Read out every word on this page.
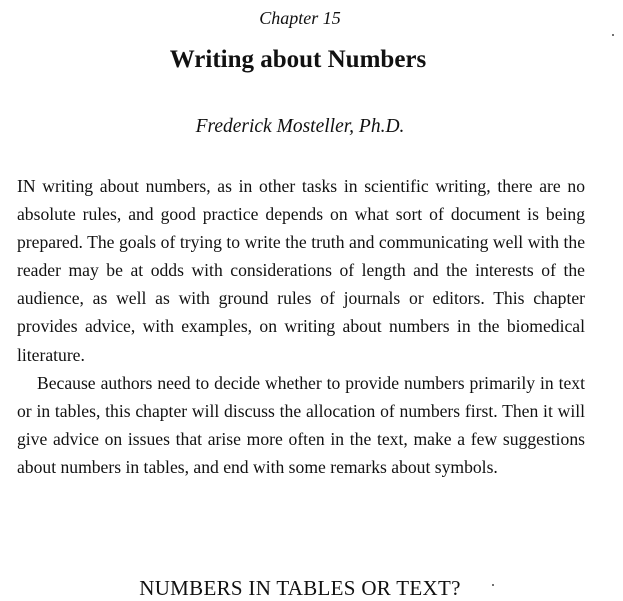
Chapter 15
Writing about Numbers
Frederick Mosteller, Ph.D.

IN writing about numbers, as in other tasks in scientific writing, there are no absolute rules, and good practice depends on what sort of document is being prepared. The goals of trying to write the truth and communicating well with the reader may be at odds with considerations of length and the interests of the audience, as well as with ground rules of journals or editors. This chapter provides advice, with examples, on writing about numbers in the biomedical literature.

Because authors need to decide whether to provide numbers primarily in text or in tables, this chapter will discuss the allocation of numbers first. Then it will give advice on issues that arise more often in the text, make a few suggestions about numbers in tables, and end with some remarks about symbols.

NUMBERS IN TABLES OR TEXT?
